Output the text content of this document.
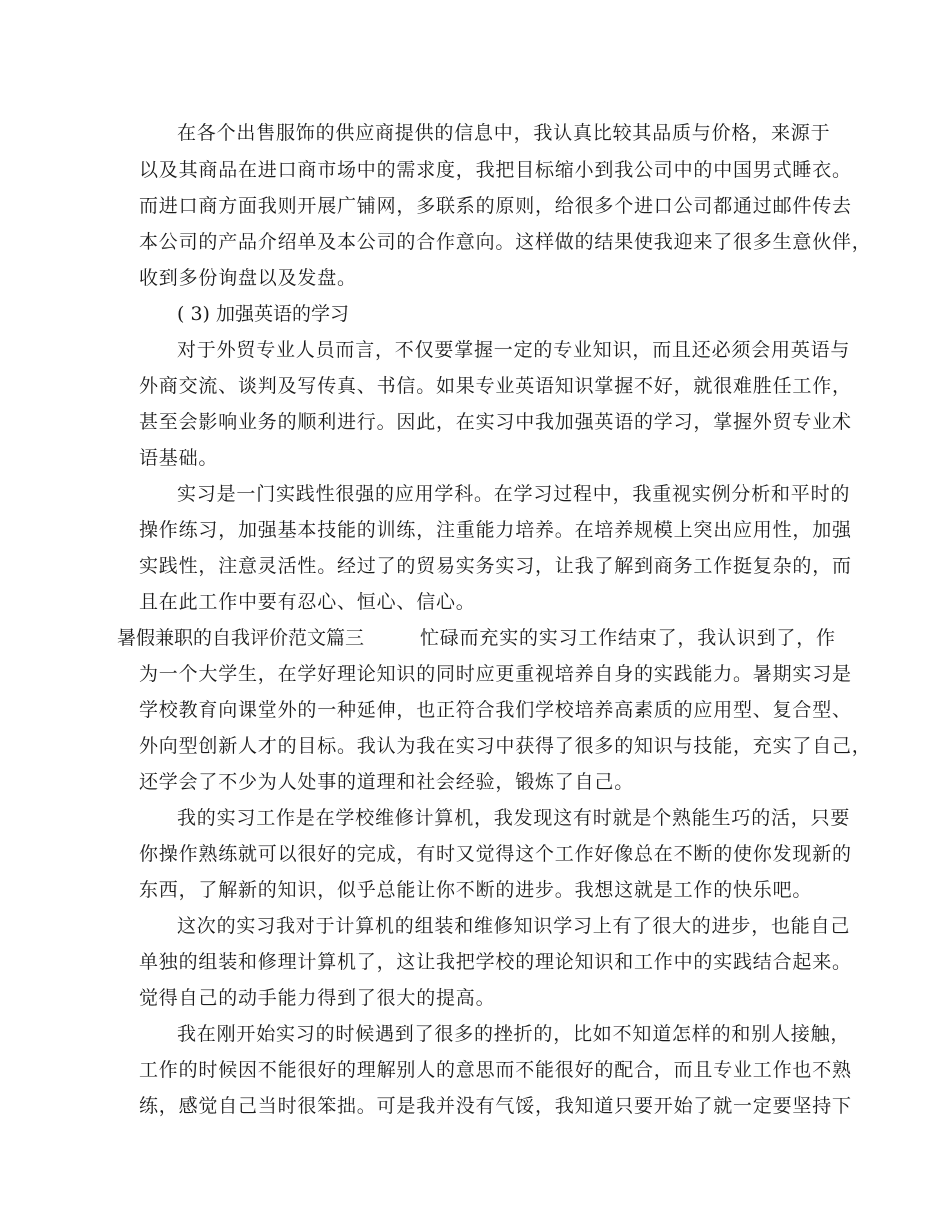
在各个出售服饰的供应商提供的信息中，我认真比较其品质与价格，来源于
以及其商品在进口商市场中的需求度，我把目标缩小到我公司中的中国男式睡衣。
而进口商方面我则开展广铺网，多联系的原则，给很多个进口公司都通过邮件传去
本公司的产品介绍单及本公司的合作意向。这样做的结果使我迎来了很多生意伙伴，
收到多份询盘以及发盘。
( 3) 加强英语的学习
对于外贸专业人员而言，不仅要掌握一定的专业知识，而且还必须会用英语与
外商交流、谈判及写传真、书信。如果专业英语知识掌握不好，就很难胜任工作，
甚至会影响业务的顺利进行。因此，在实习中我加强英语的学习，掌握外贸专业术
语基础。
实习是一门实践性很强的应用学科。在学习过程中，我重视实例分析和平时的
操作练习，加强基本技能的训练，注重能力培养。在培养规模上突出应用性，加强
实践性，注意灵活性。经过了的贸易实务实习，让我了解到商务工作挺复杂的，而
且在此工作中要有忍心、恒心、信心。
暑假兼职的自我评价范文篇三	忙碌而充实的实习工作结束了，我认识到了，作
为一个大学生，在学好理论知识的同时应更重视培养自身的实践能力。暑期实习是
学校教育向课堂外的一种延伸，也正符合我们学校培养高素质的应用型、复合型、
外向型创新人才的目标。我认为我在实习中获得了很多的知识与技能，充实了自己，
还学会了不少为人处事的道理和社会经验，锻炼了自己。
我的实习工作是在学校维修计算机，我发现这有时就是个熟能生巧的活，只要
你操作熟练就可以很好的完成，有时又觉得这个工作好像总在不断的使你发现新的
东西，了解新的知识，似乎总能让你不断的进步。我想这就是工作的快乐吧。
这次的实习我对于计算机的组装和维修知识学习上有了很大的进步，也能自己
单独的组装和修理计算机了，这让我把学校的理论知识和工作中的实践结合起来。
觉得自己的动手能力得到了很大的提高。
我在刚开始实习的时候遇到了很多的挫折的，比如不知道怎样的和别人接触，
工作的时候因不能很好的理解别人的意思而不能很好的配合，而且专业工作也不熟
练，感觉自己当时很笨拙。可是我并没有气馁，我知道只要开始了就一定要坚持下
